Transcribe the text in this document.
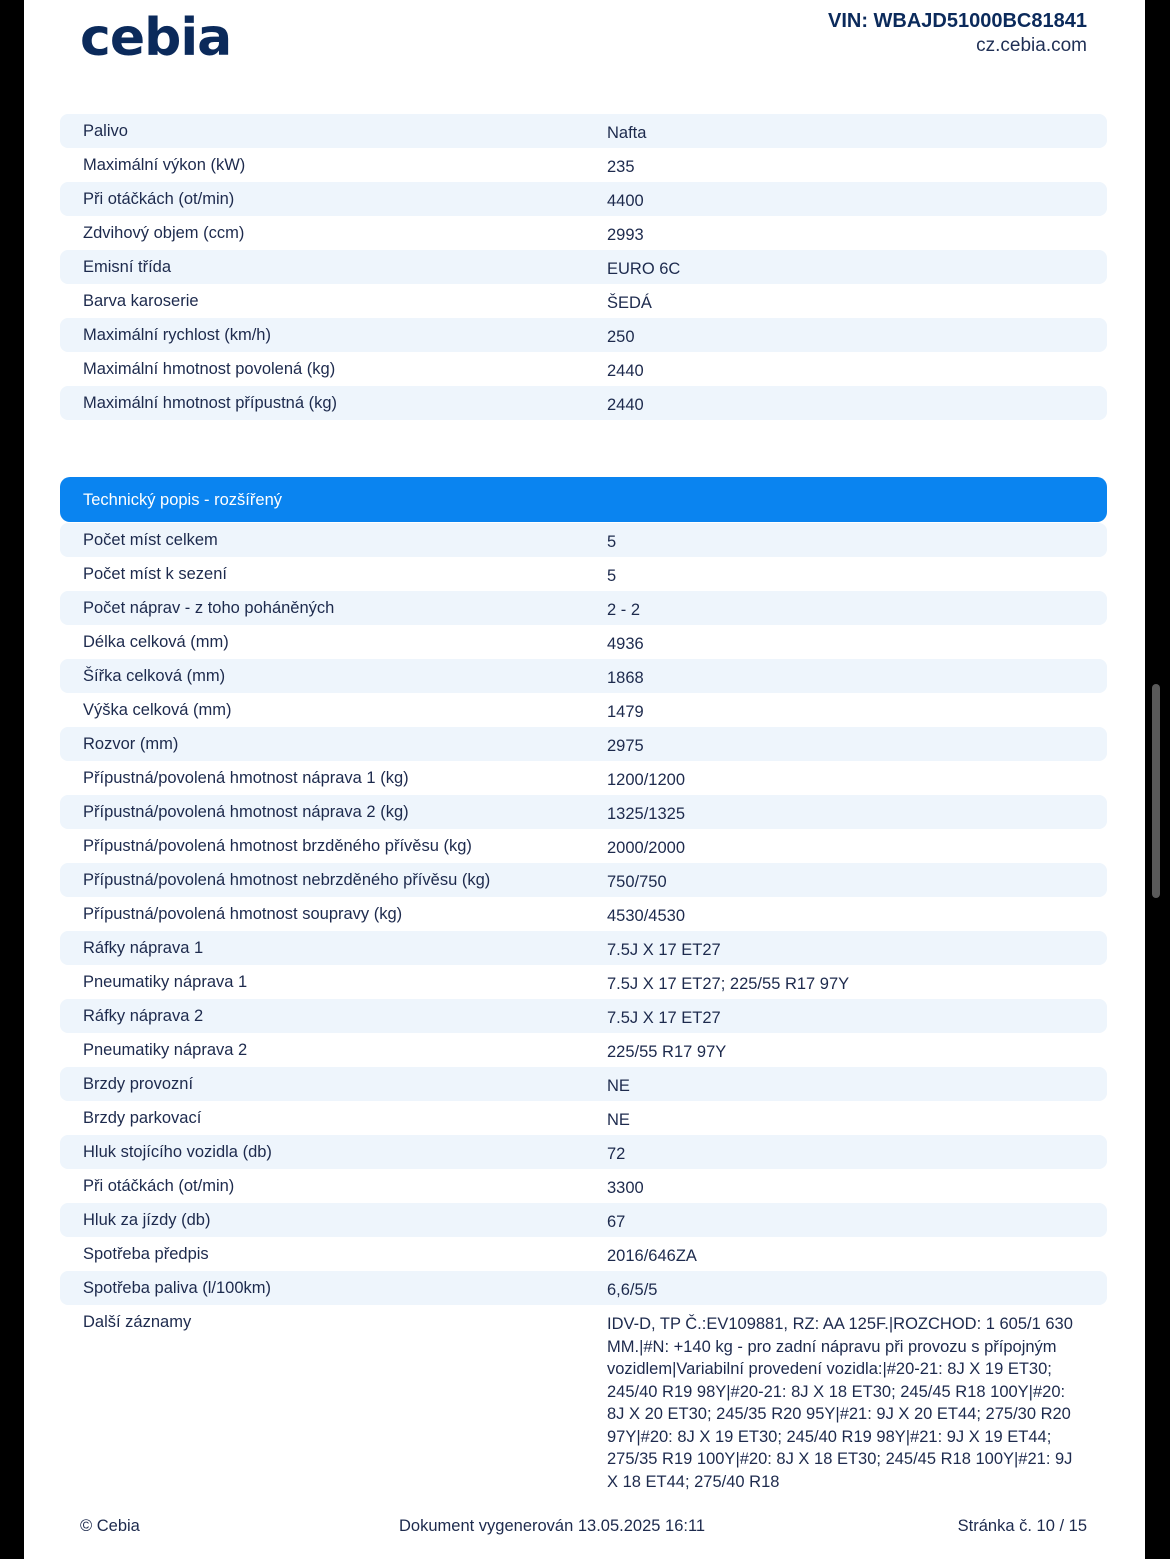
cebia	VIN: WBAJD51000BC81841
cz.cebia.com
Palivo	Nafta
Maximální výkon (kW)	235
Při otáčkách (ot/min)	4400
Zdvihový objem (ccm)	2993
Emisní třída	EURO 6C
Barva karoserie	ŠEDÁ
Maximální rychlost (km/h)	250
Maximální hmotnost povolená (kg)	2440
Maximální hmotnost přípustná (kg)	2440
Technický popis - rozšířený
Počet míst celkem	5
Počet míst k sezení	5
Počet náprav - z toho poháněných	2 - 2
Délka celková (mm)	4936
Šířka celková (mm)	1868
Výška celková (mm)	1479
Rozvor (mm)	2975
Přípustná/povolená hmotnost náprava 1 (kg)	1200/1200
Přípustná/povolená hmotnost náprava 2 (kg)	1325/1325
Přípustná/povolená hmotnost brzděného přívěsu (kg)	2000/2000
Přípustná/povolená hmotnost nebrzděného přívěsu (kg)	750/750
Přípustná/povolená hmotnost soupravy (kg)	4530/4530
Ráfky náprava 1	7.5J X 17 ET27
Pneumatiky náprava 1	7.5J X 17 ET27; 225/55 R17 97Y
Ráfky náprava 2	7.5J X 17 ET27
Pneumatiky náprava 2	225/55 R17 97Y
Brzdy provozní	NE
Brzdy parkovací	NE
Hluk stojícího vozidla (db)	72
Při otáčkách (ot/min)	3300
Hluk za jízdy (db)	67
Spotřeba předpis	2016/646ZA
Spotřeba paliva (l/100km)	6,6/5/5
Další záznamy	IDV-D, TP Č.:EV109881, RZ: AA 125F.|ROZCHOD: 1 605/1 630 MM.|#N: +140 kg - pro zadní nápravu při provozu s přípojným vozidlem|Variabilní provedení vozidla:|#20-21: 8J X 19 ET30; 245/40 R19 98Y|#20-21: 8J X 18 ET30; 245/45 R18 100Y|#20: 8J X 20 ET30; 245/35 R20 95Y|#21: 9J X 20 ET44; 275/30 R20 97Y|#20: 8J X 19 ET30; 245/40 R19 98Y|#21: 9J X 19 ET44; 275/35 R19 100Y|#20: 8J X 18 ET30; 245/45 R18 100Y|#21: 9J X 18 ET44; 275/40 R18
© Cebia	Dokument vygenerován 13.05.2025 16:11	Stránka č. 10 / 15
